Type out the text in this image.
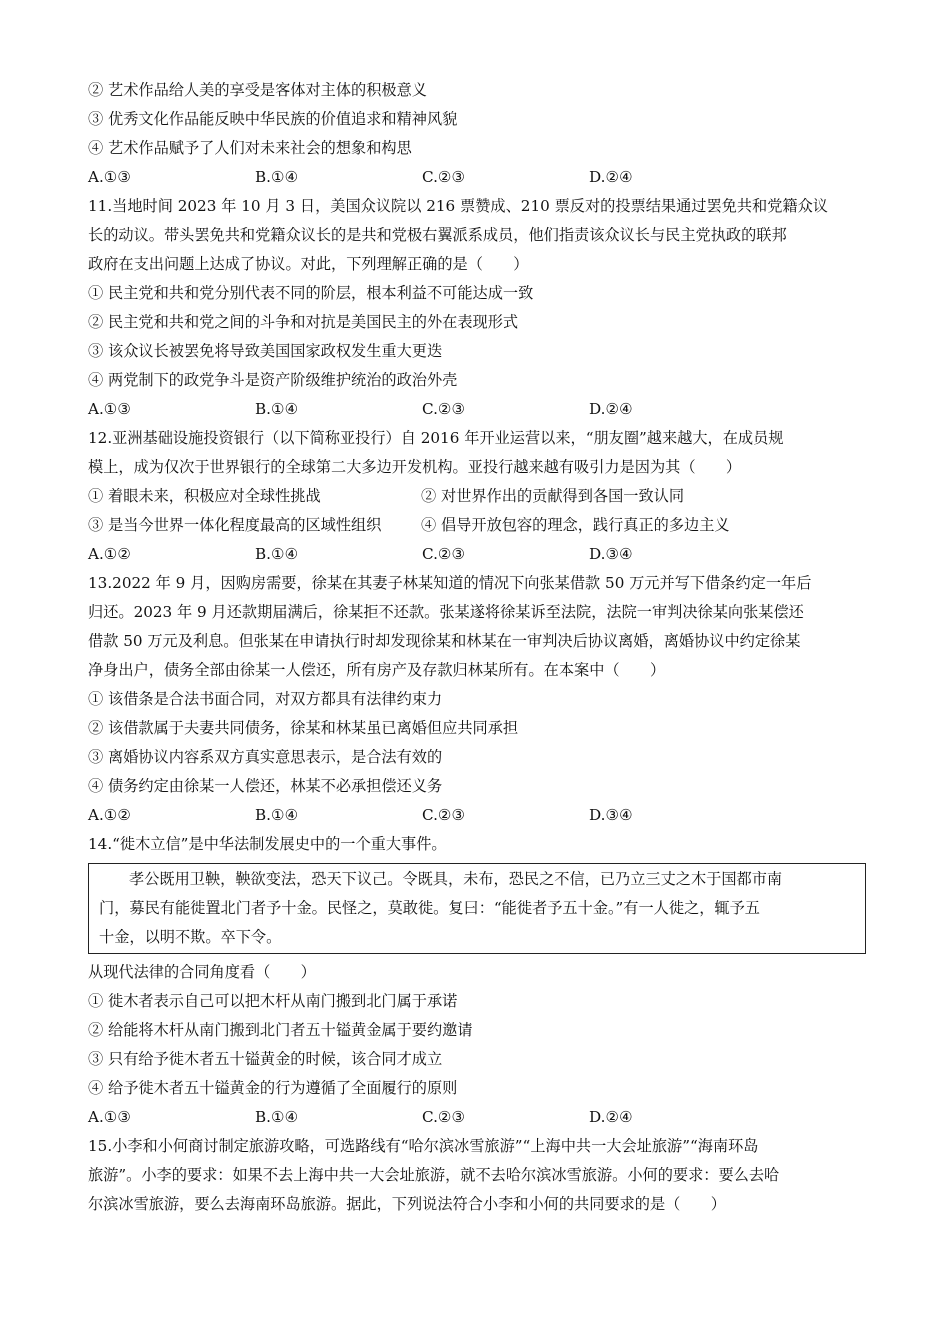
② 艺术作品给人美的享受是客体对主体的积极意义
③ 优秀文化作品能反映中华民族的价值追求和精神风貌
④ 艺术作品赋予了人们对未来社会的想象和构思
A.①③	B.①④	C.②③	D.②④
11.当地时间 2023 年 10 月 3 日，美国众议院以 216 票赞成、210 票反对的投票结果通过罢免共和党籍众议
长的动议。带头罢免共和党籍众议长的是共和党极右翼派系成员，他们指责该众议长与民主党执政的联邦
政府在支出问题上达成了协议。对此，下列理解正确的是（　　）
① 民主党和共和党分别代表不同的阶层，根本利益不可能达成一致
② 民主党和共和党之间的斗争和对抗是美国民主的外在表现形式
③ 该众议长被罢免将导致美国国家政权发生重大更迭
④ 两党制下的政党争斗是资产阶级维护统治的政治外壳
A.①③	B.①④	C.②③	D.②④
12.亚洲基础设施投资银行（以下简称亚投行）自 2016 年开业运营以来，“朋友圈”越来越大，在成员规
模上，成为仅次于世界银行的全球第二大多边开发机构。亚投行越来越有吸引力是因为其（　　）
① 着眼未来，积极应对全球性挑战	② 对世界作出的贡献得到各国一致认同
③ 是当今世界一体化程度最高的区域性组织	④ 倡导开放包容的理念，践行真正的多边主义
A.①②	B.①④	C.②③	D.③④
13.2022 年 9 月，因购房需要，徐某在其妻子林某知道的情况下向张某借款 50 万元并写下借条约定一年后
归还。2023 年 9 月还款期届满后，徐某拒不还款。张某遂将徐某诉至法院，法院一审判决徐某向张某偿还
借款 50 万元及利息。但张某在申请执行时却发现徐某和林某在一审判决后协议离婚，离婚协议中约定徐某
净身出户，债务全部由徐某一人偿还，所有房产及存款归林某所有。在本案中（　　）
① 该借条是合法书面合同，对双方都具有法律约束力
② 该借款属于夫妻共同债务，徐某和林某虽已离婚但应共同承担
③ 离婚协议内容系双方真实意思表示，是合法有效的
④ 债务约定由徐某一人偿还，林某不必承担偿还义务
A.①②	B.①④	C.②③	D.③④
14.“徙木立信”是中华法制发展史中的一个重大事件。
孝公既用卫鞅，鞅欲变法，恐天下议己。令既具，未布，恐民之不信，已乃立三丈之木于国都市南
门，募民有能徙置北门者予十金。民怪之，莫敢徙。复曰：“能徙者予五十金。”有一人徙之，辄予五
十金，以明不欺。卒下令。
从现代法律的合同角度看（　　）
① 徙木者表示自己可以把木杆从南门搬到北门属于承诺
② 给能将木杆从南门搬到北门者五十镒黄金属于要约邀请
③ 只有给予徙木者五十镒黄金的时候，该合同才成立
④ 给予徙木者五十镒黄金的行为遵循了全面履行的原则
A.①③	B.①④	C.②③	D.②④
15.小李和小何商讨制定旅游攻略，可选路线有“哈尔滨冰雪旅游”“上海中共一大会址旅游”“海南环岛
旅游”。小李的要求：如果不去上海中共一大会址旅游，就不去哈尔滨冰雪旅游。小何的要求：要么去哈
尔滨冰雪旅游，要么去海南环岛旅游。据此，下列说法符合小李和小何的共同要求的是（　　）
